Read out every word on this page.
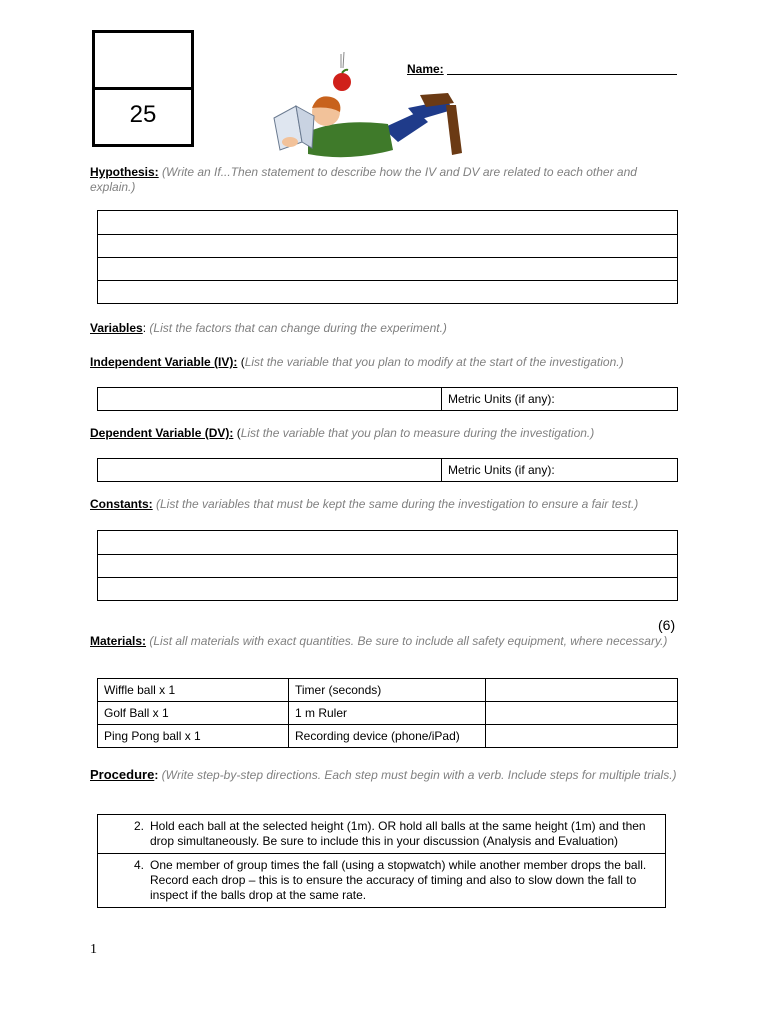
25
Name:
Hypothesis: (Write an If...Then statement to describe how the IV and DV are related to each other and explain.)
Variables: (List the factors that can change during the experiment.)
Independent Variable (IV): (List the variable that you plan to modify at the start of the investigation.)
	Metric Units (if any):
Dependent Variable (DV): (List the variable that you plan to measure during the investigation.)
	Metric Units (if any):
Constants: (List the variables that must be kept the same during the investigation to ensure a fair test.)
(6)
Materials: (List all materials with exact quantities. Be sure to include all safety equipment, where necessary.)
Wiffle ball x 1	Timer (seconds)	
Golf Ball x 1	1 m Ruler	
Ping Pong ball x 1	Recording device (phone/iPad)	
Procedure: (Write step-by-step directions. Each step must begin with a verb. Include steps for multiple trials.)
2.Hold each ball at the selected height (1m). OR hold all balls at the same height (1m) and then drop simultaneously. Be sure to include this in your discussion (Analysis and Evaluation)
4. One member of group times the fall (using a stopwatch) while another member drops the ball. Record each drop – this is to ensure the accuracy of timing and also to slow down the fall to inspect if the balls drop at the same rate.
1
